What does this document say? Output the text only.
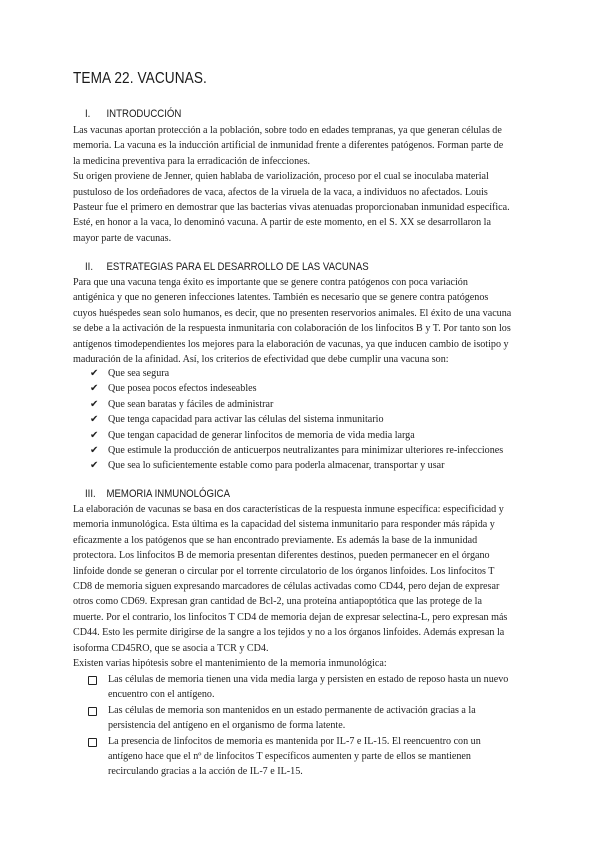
TEMA 22. VACUNAS.
I. INTRODUCCIÓN
Las vacunas aportan protección a la población, sobre todo en edades tempranas, ya que generan células de
memoria. La vacuna es la inducción artificial de inmunidad frente a diferentes patógenos. Forman parte de
la medicina preventiva para la erradicación de infecciones.
Su origen proviene de Jenner, quien hablaba de variolización, proceso por el cual se inoculaba material
pustuloso de los ordeñadores de vaca, afectos de la viruela de la vaca, a individuos no afectados. Louis
Pasteur fue el primero en demostrar que las bacterias vivas atenuadas proporcionaban inmunidad específica.
Esté, en honor a la vaca, lo denominó vacuna. A partir de este momento, en el S. XX se desarrollaron la
mayor parte de vacunas.
II. ESTRATEGIAS PARA EL DESARROLLO DE LAS VACUNAS
Para que una vacuna tenga éxito es importante que se genere contra patógenos con poca variación
antigénica y que no generen infecciones latentes. También es necesario que se genere contra patógenos
cuyos huéspedes sean solo humanos, es decir, que no presenten reservorios animales. El éxito de una vacuna
se debe a la activación de la respuesta inmunitaria con colaboración de los linfocitos B y T. Por tanto son los
antígenos timodependientes los mejores para la elaboración de vacunas, ya que inducen cambio de isotipo y
maduración de la afinidad. Así, los criterios de efectividad que debe cumplir una vacuna son:
✔ Que sea segura
✔ Que posea pocos efectos indeseables
✔ Que sean baratas y fáciles de administrar
✔ Que tenga capacidad para activar las células del sistema inmunitario
✔ Que tengan capacidad de generar linfocitos de memoria de vida media larga
✔ Que estimule la producción de anticuerpos neutralizantes para minimizar ulteriores re-infecciones
✔ Que sea lo suficientemente estable como para poderla almacenar, transportar y usar
III. MEMORIA INMUNOLÓGICA
La elaboración de vacunas se basa en dos características de la respuesta inmune específica: especificidad y
memoria inmunológica. Esta última es la capacidad del sistema inmunitario para responder más rápida y
eficazmente a los patógenos que se han encontrado previamente. Es además la base de la inmunidad
protectora. Los linfocitos B de memoria presentan diferentes destinos, pueden permanecer en el órgano
linfoide donde se generan o circular por el torrente circulatorio de los órganos linfoides. Los linfocitos T
CD8 de memoria siguen expresando marcadores de células activadas como CD44, pero dejan de expresar
otros como CD69. Expresan gran cantidad de Bcl-2, una proteína antiapoptótica que las protege de la
muerte. Por el contrario, los linfocitos T CD4 de memoria dejan de expresar selectina-L, pero expresan más
CD44. Esto les permite dirigirse de la sangre a los tejidos y no a los órganos linfoides. Además expresan la
isoforma CD45RO, que se asocia a TCR y CD4.
Existen varias hipótesis sobre el mantenimiento de la memoria inmunológica:
Las células de memoria tienen una vida media larga y persisten en estado de reposo hasta un nuevo
encuentro con el antígeno.
Las células de memoria son mantenidos en un estado permanente de activación gracias a la
persistencia del antígeno en el organismo de forma latente.
La presencia de linfocitos de memoria es mantenida por IL-7 e IL-15. El reencuentro con un
antígeno hace que el nº de linfocitos T específicos aumenten y parte de ellos se mantienen
recirculando gracias a la acción de IL-7 e IL-15.
